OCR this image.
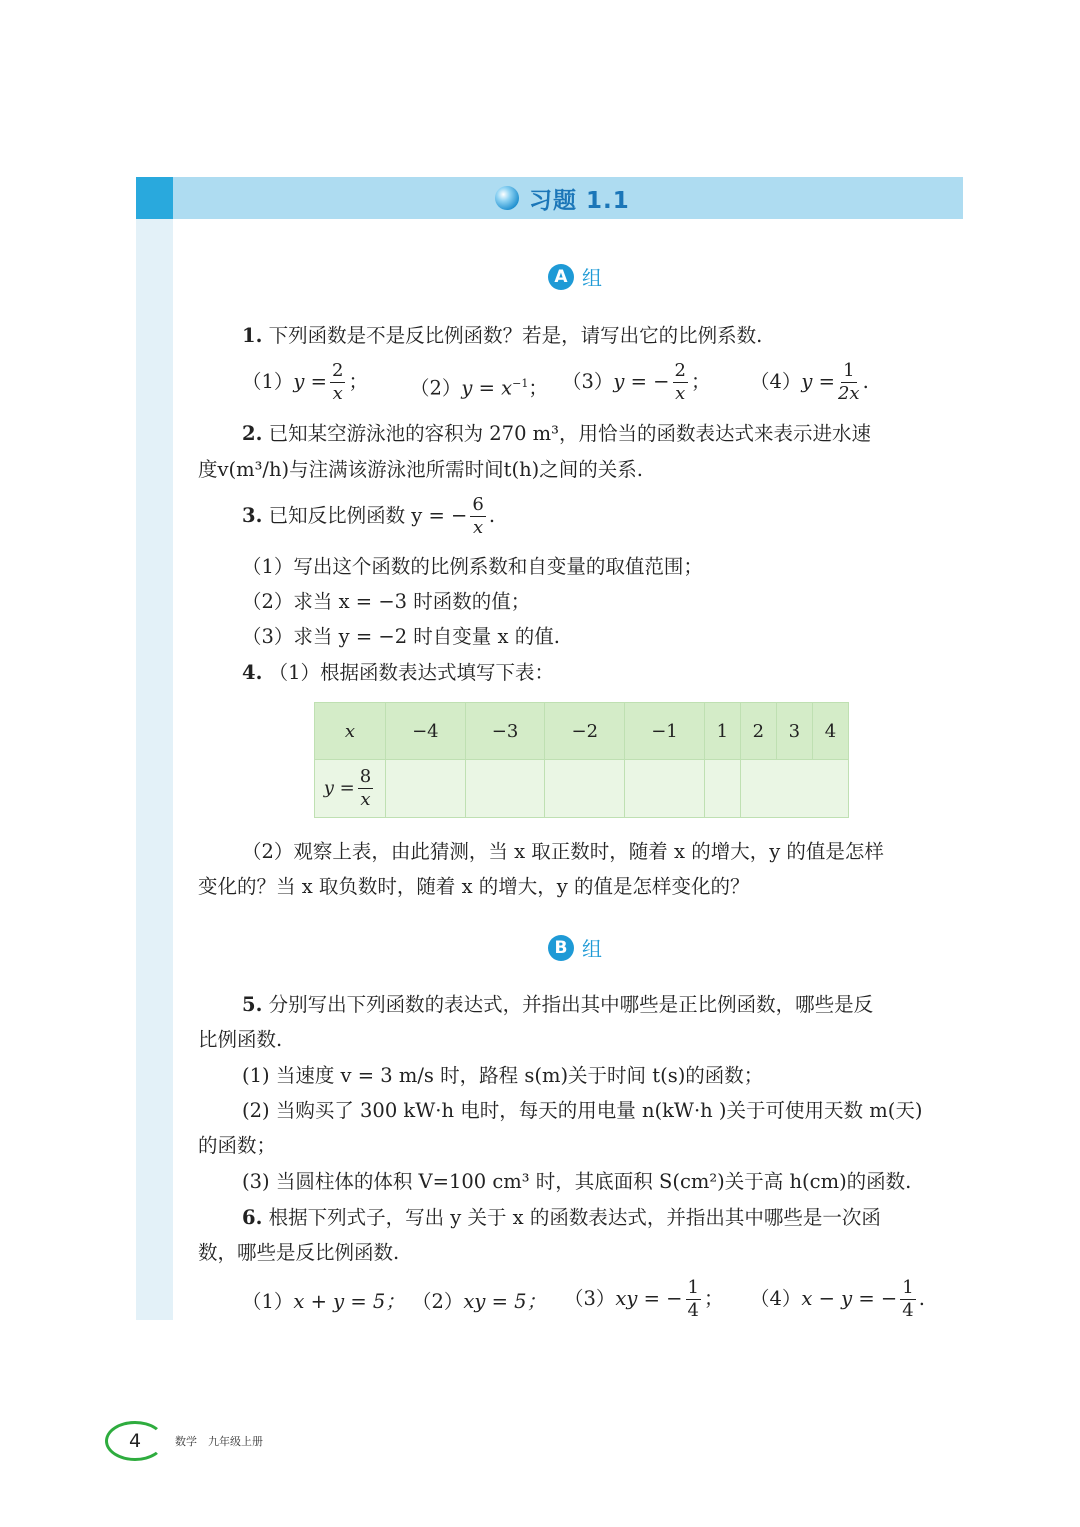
习题 1.1
A 组
1. 下列函数是不是反比例函数？若是，请写出它的比例系数.
$(1)y = \frac{2}{x}$ ； $(2)y = x^{-1}$； （3）y = − $\frac{2}{x}$ ； $(4)y = \frac{1}{2x}$ .
2. 已知某空游泳池的容积为 270 m³，用恰当的函数表达式来表示进水速
度v(m³/h)与注满该游泳池所需时间t(h)之间的关系.
3. 已知反比例函数 y = − $\frac{6}{x}$ .
（1）写出这个函数的比例系数和自变量的取值范围；
（2）求当 x = −3 时函数的值；
（3）求当 y = −2 时自变量 x 的值.
4. （1）根据函数表达式填写下表：
x	−4	−3	−2	−1	1	2	3	4
$y = \frac{8}{x}$

（2）观察上表，由此猜测，当 x 取正数时，随着 x 的增大，y 的值是怎样
变化的？当 x 取负数时，随着 x 的增大，y 的值是怎样变化的？
B 组
5. 分别写出下列函数的表达式，并指出其中哪些是正比例函数，哪些是反
比例函数.
(1) 当速度 v = 3 m/s 时，路程 s(m)关于时间 t(s)的函数；
(2) 当购买了 300 kW·h 电时，每天的用电量 n(kW·h )关于可使用天数 m(天)
的函数；
(3) 当圆柱体的体积 V=100 cm³ 时，其底面积 S(cm²)关于高 h(cm)的函数.
6. 根据下列式子，写出 y 关于 x 的函数表达式，并指出其中哪些是一次函
数，哪些是反比例函数.
（1）x + y = 5； （2）xy = 5； （3）xy = − $\frac{1}{4}$ ； （4）x − y = − $\frac{1}{4}$ .
4	数学　九年级上册
